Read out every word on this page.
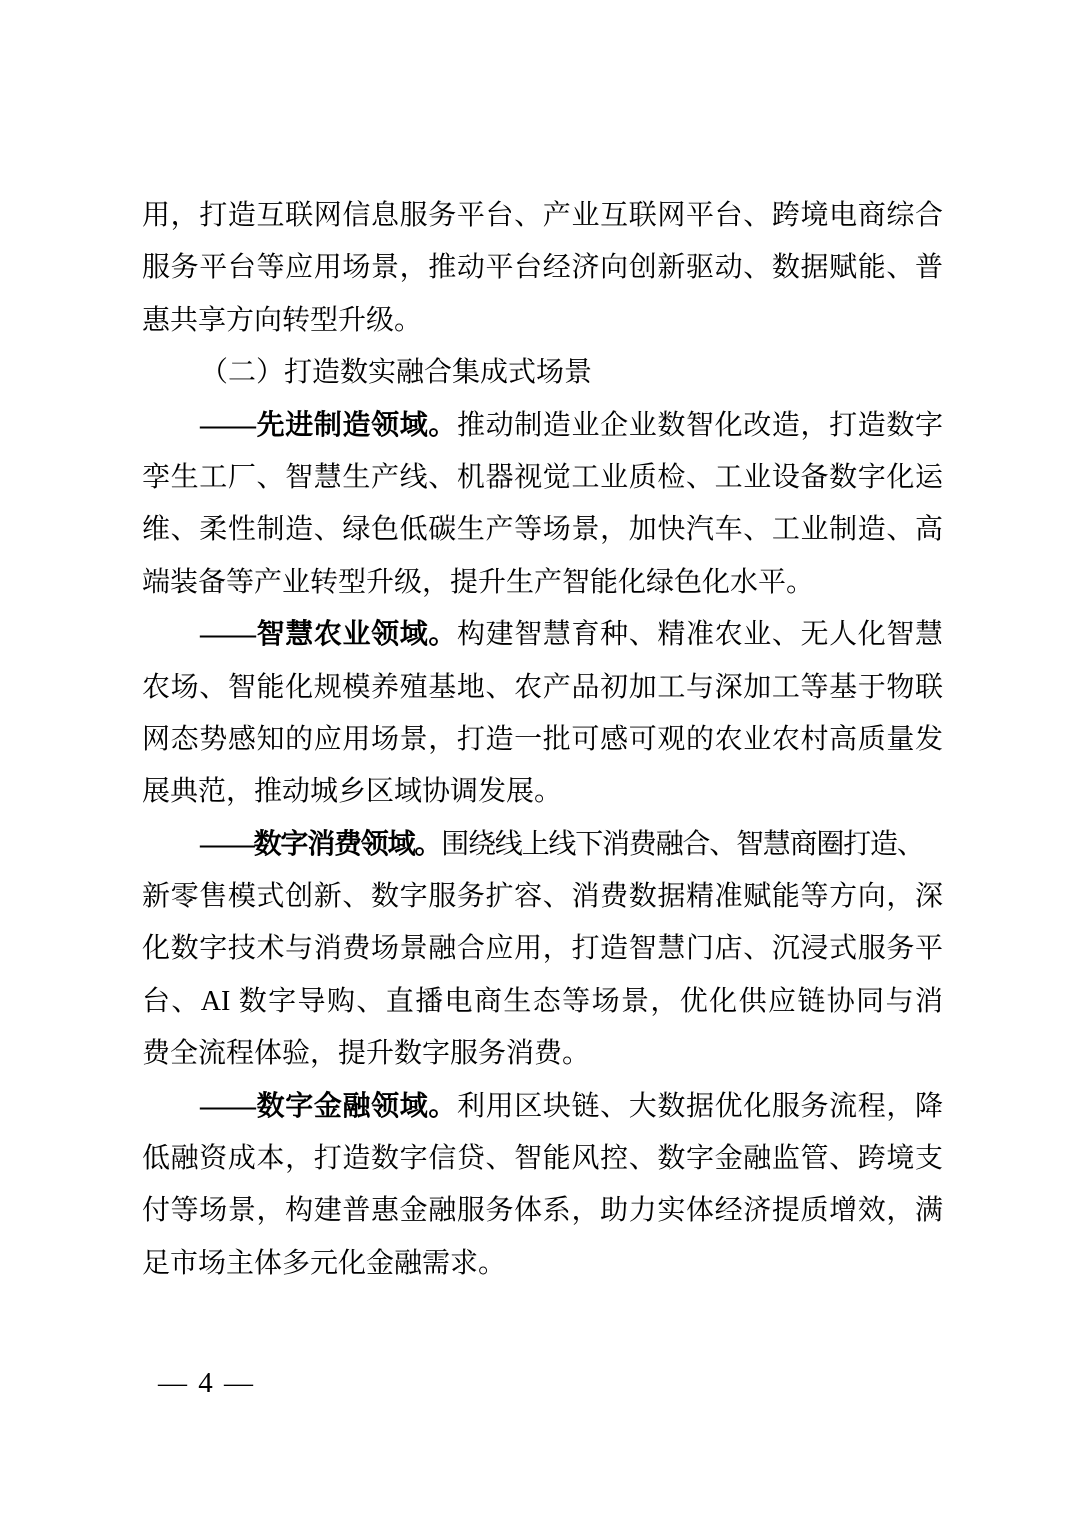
用，打造互联网信息服务平台、产业互联网平台、跨境电商综合
服务平台等应用场景，推动平台经济向创新驱动、数据赋能、普
惠共享方向转型升级。
（二）打造数实融合集成式场景
——先进制造领域。推动制造业企业数智化改造，打造数字
孪生工厂、智慧生产线、机器视觉工业质检、工业设备数字化运
维、柔性制造、绿色低碳生产等场景，加快汽车、工业制造、高
端装备等产业转型升级，提升生产智能化绿色化水平。
——智慧农业领域。构建智慧育种、精准农业、无人化智慧
农场、智能化规模养殖基地、农产品初加工与深加工等基于物联
网态势感知的应用场景，打造一批可感可观的农业农村高质量发
展典范，推动城乡区域协调发展。
——数字消费领域。围绕线上线下消费融合、智慧商圈打造、
新零售模式创新、数字服务扩容、消费数据精准赋能等方向，深
化数字技术与消费场景融合应用，打造智慧门店、沉浸式服务平
台、AI 数字导购、直播电商生态等场景，优化供应链协同与消
费全流程体验，提升数字服务消费。
——数字金融领域。利用区块链、大数据优化服务流程，降
低融资成本，打造数字信贷、智能风控、数字金融监管、跨境支
付等场景，构建普惠金融服务体系，助力实体经济提质增效，满
足市场主体多元化金融需求。
— 4 —
